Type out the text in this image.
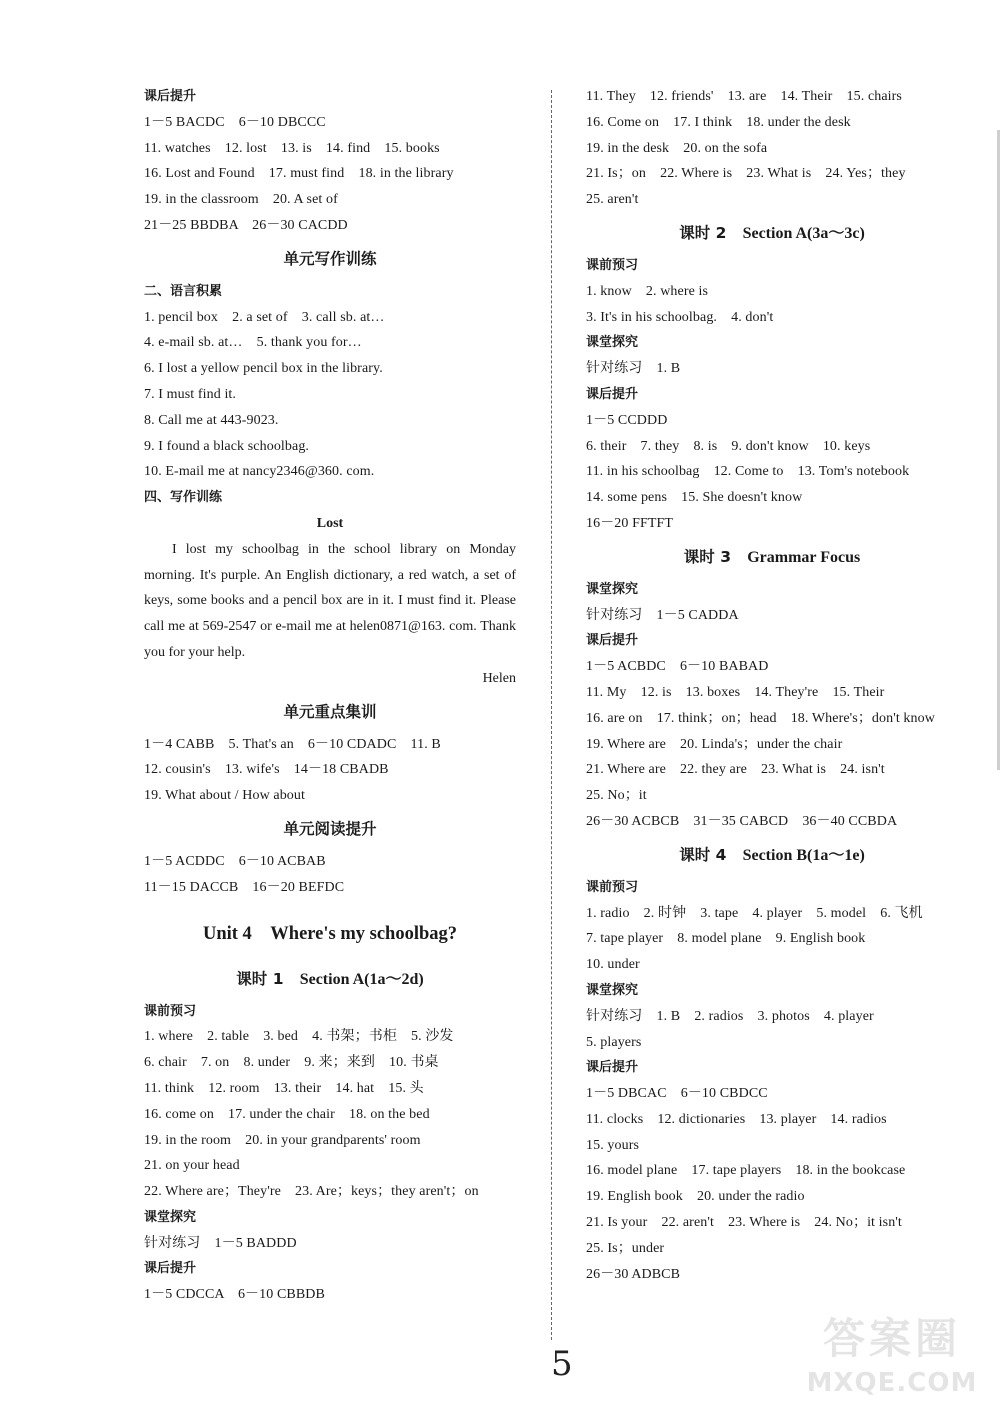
课后提升
1－5 BACDC　6－10 DBCCC
11. watches　12. lost　13. is　14. find　15. books
16. Lost and Found　17. must find　18. in the library
19. in the classroom　20. A set of
21－25 BBDBA　26－30 CACDD
单元写作训练
二、语言积累
1. pencil box　2. a set of　3. call sb. at…
4. e-mail sb. at…　5. thank you for…
6. I lost a yellow pencil box in the library.
7. I must find it.
8. Call me at 443-9023.
9. I found a black schoolbag.
10. E-mail me at nancy2346@360. com.
四、写作训练
Lost
I lost my schoolbag in the school library on Monday morning. It's purple. An English dictionary, a red watch, a set of keys, some books and a pencil box are in it. I must find it. Please call me at 569-2547 or e-mail me at helen0871@163. com. Thank you for your help.
Helen
单元重点集训
1－4 CABB　5. That's an　6－10 CDADC　11. B
12. cousin's　13. wife's　14－18 CBADB
19. What about / How about
单元阅读提升
1－5 ACDDC　6－10 ACBAB
11－15 DACCB　16－20 BEFDC
Unit 4　Where's my schoolbag?
课时 1 Section A(1a～2d)
课前预习
1. where　2. table　3. bed　4. 书架；书柜　5. 沙发
6. chair　7. on　8. under　9. 来；来到　10. 书桌
11. think　12. room　13. their　14. hat　15. 头
16. come on　17. under the chair　18. on the bed
19. in the room　20. in your grandparents' room
21. on your head
22. Where are；They're　23. Are；keys；they aren't；on
课堂探究
针对练习　1－5 BADDD
课后提升
1－5 CDCCA　6－10 CBBDB
11. They　12. friends'　13. are　14. Their　15. chairs
16. Come on　17. I think　18. under the desk
19. in the desk　20. on the sofa
21. Is；on　22. Where is　23. What is　24. Yes；they
25. aren't
课时 2 Section A(3a～3c)
课前预习
1. know　2. where is
3. It's in his schoolbag.　4. don't
课堂探究
针对练习　1. B
课后提升
1－5 CCDDD
6. their　7. they　8. is　9. don't know　10. keys
11. in his schoolbag　12. Come to　13. Tom's notebook
14. some pens　15. She doesn't know
16－20 FFTFT
课时 3 Grammar Focus
课堂探究
针对练习　1－5 CADDA
课后提升
1－5 ACBDC　6－10 BABAD
11. My　12. is　13. boxes　14. They're　15. Their
16. are on　17. think；on；head　18. Where's；don't know
19. Where are　20. Linda's；under the chair
21. Where are　22. they are　23. What is　24. isn't
25. No；it
26－30 ACBCB　31－35 CABCD　36－40 CCBDA
课时 4 Section B(1a～1e)
课前预习
1. radio　2. 时钟　3. tape　4. player　5. model　6. 飞机
7. tape player　8. model plane　9. English book
10. under
课堂探究
针对练习　1. B　2. radios　3. photos　4. player
5. players
课后提升
1－5 DBCAC　6－10 CBDCC
11. clocks　12. dictionaries　13. player　14. radios
15. yours
16. model plane　17. tape players　18. in the bookcase
19. English book　20. under the radio
21. Is your　22. aren't　23. Where is　24. No；it isn't
25. Is；under
26－30 ADBCB
5
答案圈
MXQE.COM
